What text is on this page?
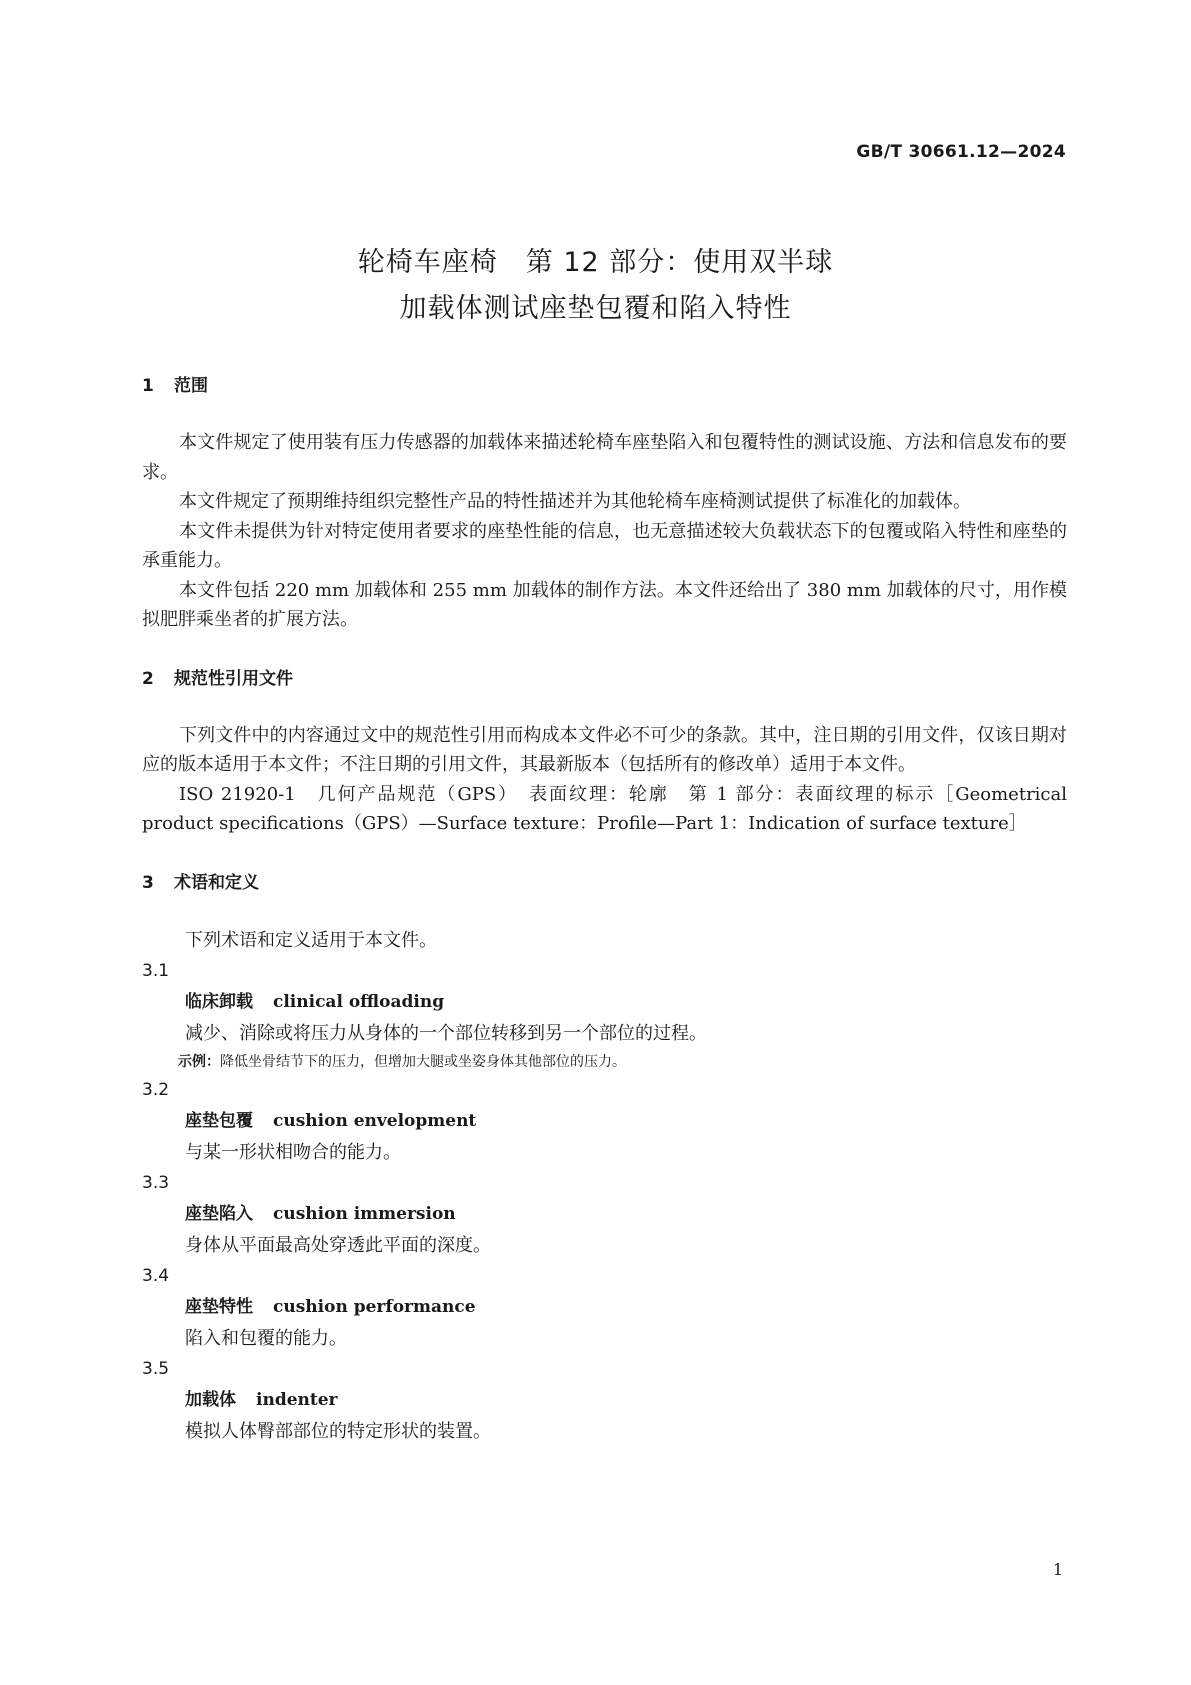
GB/T 30661.12—2024
轮椅车座椅　第 12 部分：使用双半球
加载体测试座垫包覆和陷入特性
1 范围

本文件规定了使用装有压力传感器的加载体来描述轮椅车座垫陷入和包覆特性的测试设施、方法和信息发布的要求。

本文件规定了预期维持组织完整性产品的特性描述并为其他轮椅车座椅测试提供了标准化的加载体。

本文件未提供为针对特定使用者要求的座垫性能的信息，也无意描述较大负载状态下的包覆或陷入特性和座垫的承重能力。

本文件包括 220 mm 加载体和 255 mm 加载体的制作方法。本文件还给出了 380 mm 加载体的尺寸，用作模拟肥胖乘坐者的扩展方法。

2 规范性引用文件

下列文件中的内容通过文中的规范性引用而构成本文件必不可少的条款。其中，注日期的引用文件，仅该日期对应的版本适用于本文件；不注日期的引用文件，其最新版本（包括所有的修改单）适用于本文件。

ISO 21920-1　几何产品规范（GPS）　表面纹理：轮廓　第 1 部分：表面纹理的标示［Geometrical product specifications（GPS）—Surface texture：Profile—Part 1：Indication of surface texture］

3 术语和定义

下列术语和定义适用于本文件。

3.1

临床卸载 clinical offloading

减少、消除或将压力从身体的一个部位转移到另一个部位的过程。

示例：降低坐骨结节下的压力，但增加大腿或坐姿身体其他部位的压力。

3.2

座垫包覆 cushion envelopment

与某一形状相吻合的能力。

3.3

座垫陷入 cushion immersion

身体从平面最高处穿透此平面的深度。

3.4

座垫特性 cushion performance

陷入和包覆的能力。

3.5

加载体 indenter

模拟人体臀部部位的特定形状的装置。

1
